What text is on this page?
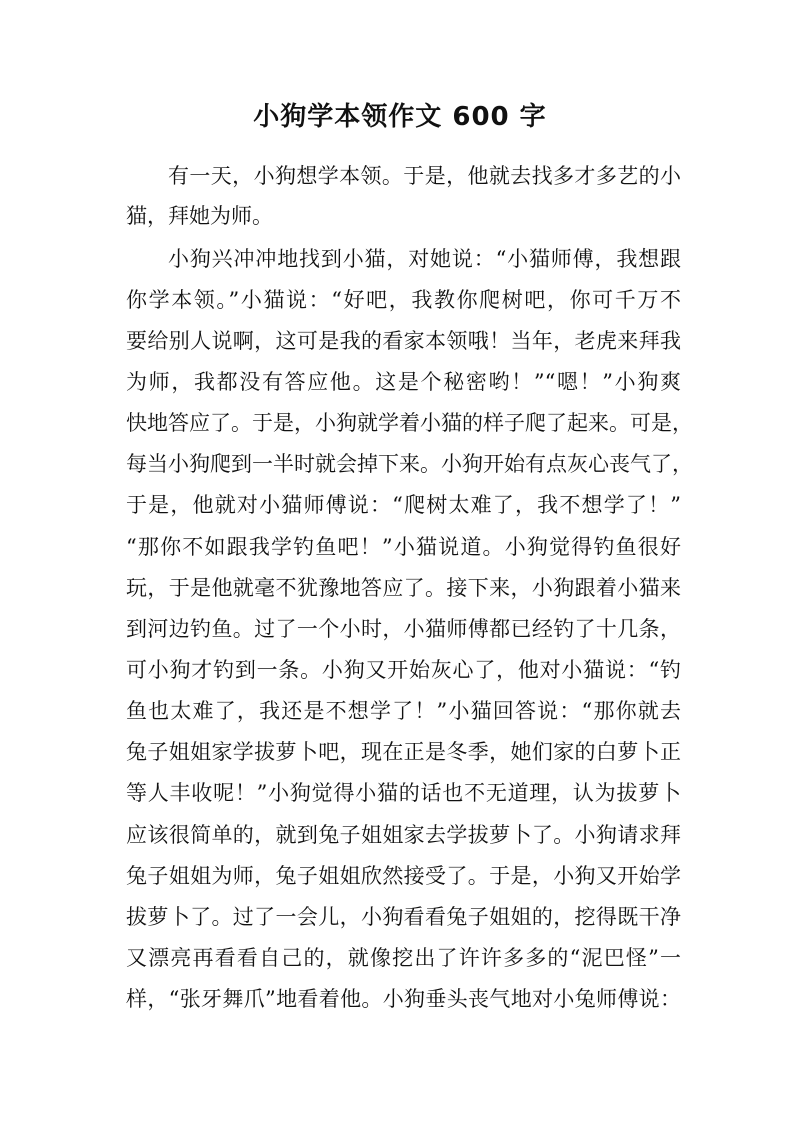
小狗学本领作文 600 字
有一天，小狗想学本领。于是，他就去找多才多艺的小
猫，拜她为师。
小狗兴冲冲地找到小猫，对她说：“小猫师傅，我想跟
你学本领。”小猫说：“好吧，我教你爬树吧，你可千万不
要给别人说啊，这可是我的看家本领哦！当年，老虎来拜我
为师，我都没有答应他。这是个秘密哟！”“嗯！”小狗爽
快地答应了。于是，小狗就学着小猫的样子爬了起来。可是，
每当小狗爬到一半时就会掉下来。小狗开始有点灰心丧气了，
于是，他就对小猫师傅说：“爬树太难了，我不想学了！”
“那你不如跟我学钓鱼吧！”小猫说道。小狗觉得钓鱼很好
玩，于是他就毫不犹豫地答应了。接下来，小狗跟着小猫来
到河边钓鱼。过了一个小时，小猫师傅都已经钓了十几条，
可小狗才钓到一条。小狗又开始灰心了，他对小猫说：“钓
鱼也太难了，我还是不想学了！”小猫回答说：“那你就去
兔子姐姐家学拔萝卜吧，现在正是冬季，她们家的白萝卜正
等人丰收呢！”小狗觉得小猫的话也不无道理，认为拔萝卜
应该很简单的，就到兔子姐姐家去学拔萝卜了。小狗请求拜
兔子姐姐为师，兔子姐姐欣然接受了。于是，小狗又开始学
拔萝卜了。过了一会儿，小狗看看兔子姐姐的，挖得既干净
又漂亮再看看自己的，就像挖出了许许多多的“泥巴怪”一
样，“张牙舞爪”地看着他。小狗垂头丧气地对小兔师傅说：
